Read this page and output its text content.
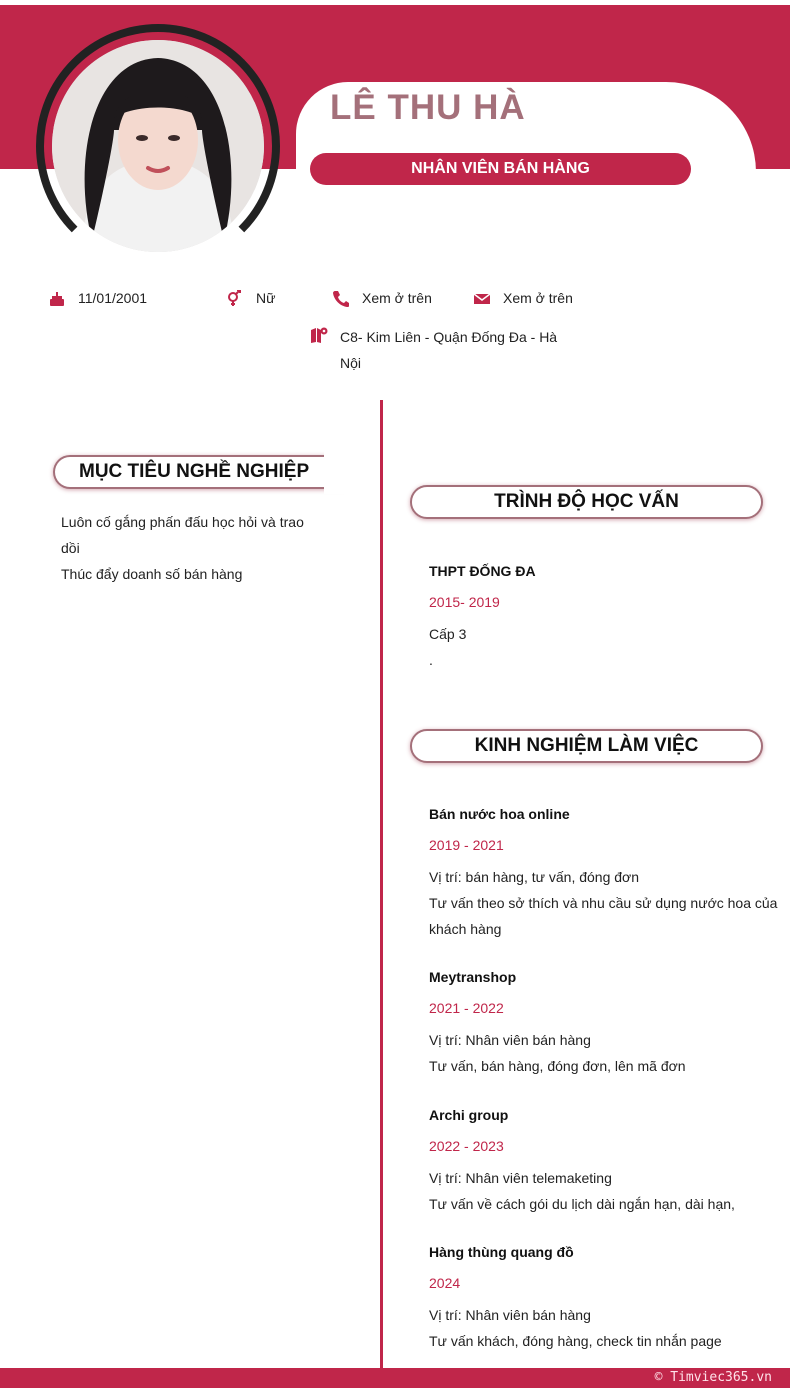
LÊ THU HÀ
NHÂN VIÊN BÁN HÀNG
11/01/2001	Nữ	Xem ở trên	Xem ở trên
C8- Kim Liên - Quận Đống Đa - Hà
Nội
MỤC TIÊU NGHỀ NGHIỆP
Luôn cố gắng phấn đấu học hỏi và trao
dồi
Thúc đẩy doanh số bán hàng
TRÌNH ĐỘ HỌC VẤN
THPT ĐỐNG ĐA
2015- 2019
Cấp 3
.
KINH NGHIỆM LÀM VIỆC
Bán nước hoa online
2019 - 2021
Vị trí: bán hàng, tư vấn, đóng đơn
Tư vấn theo sở thích và nhu cầu sử dụng nước hoa của
khách hàng
Meytranshop
2021 - 2022
Vị trí: Nhân viên bán hàng
Tư vấn, bán hàng, đóng đơn, lên mã đơn
Archi group
2022 - 2023
Vị trí: Nhân viên telemaketing
Tư vấn về cách gói du lịch dài ngắn hạn, dài hạn,
Hàng thùng quang đồ
2024
Vị trí: Nhân viên bán hàng
Tư vấn khách, đóng hàng, check tin nhắn page
© Timviec365.vn
